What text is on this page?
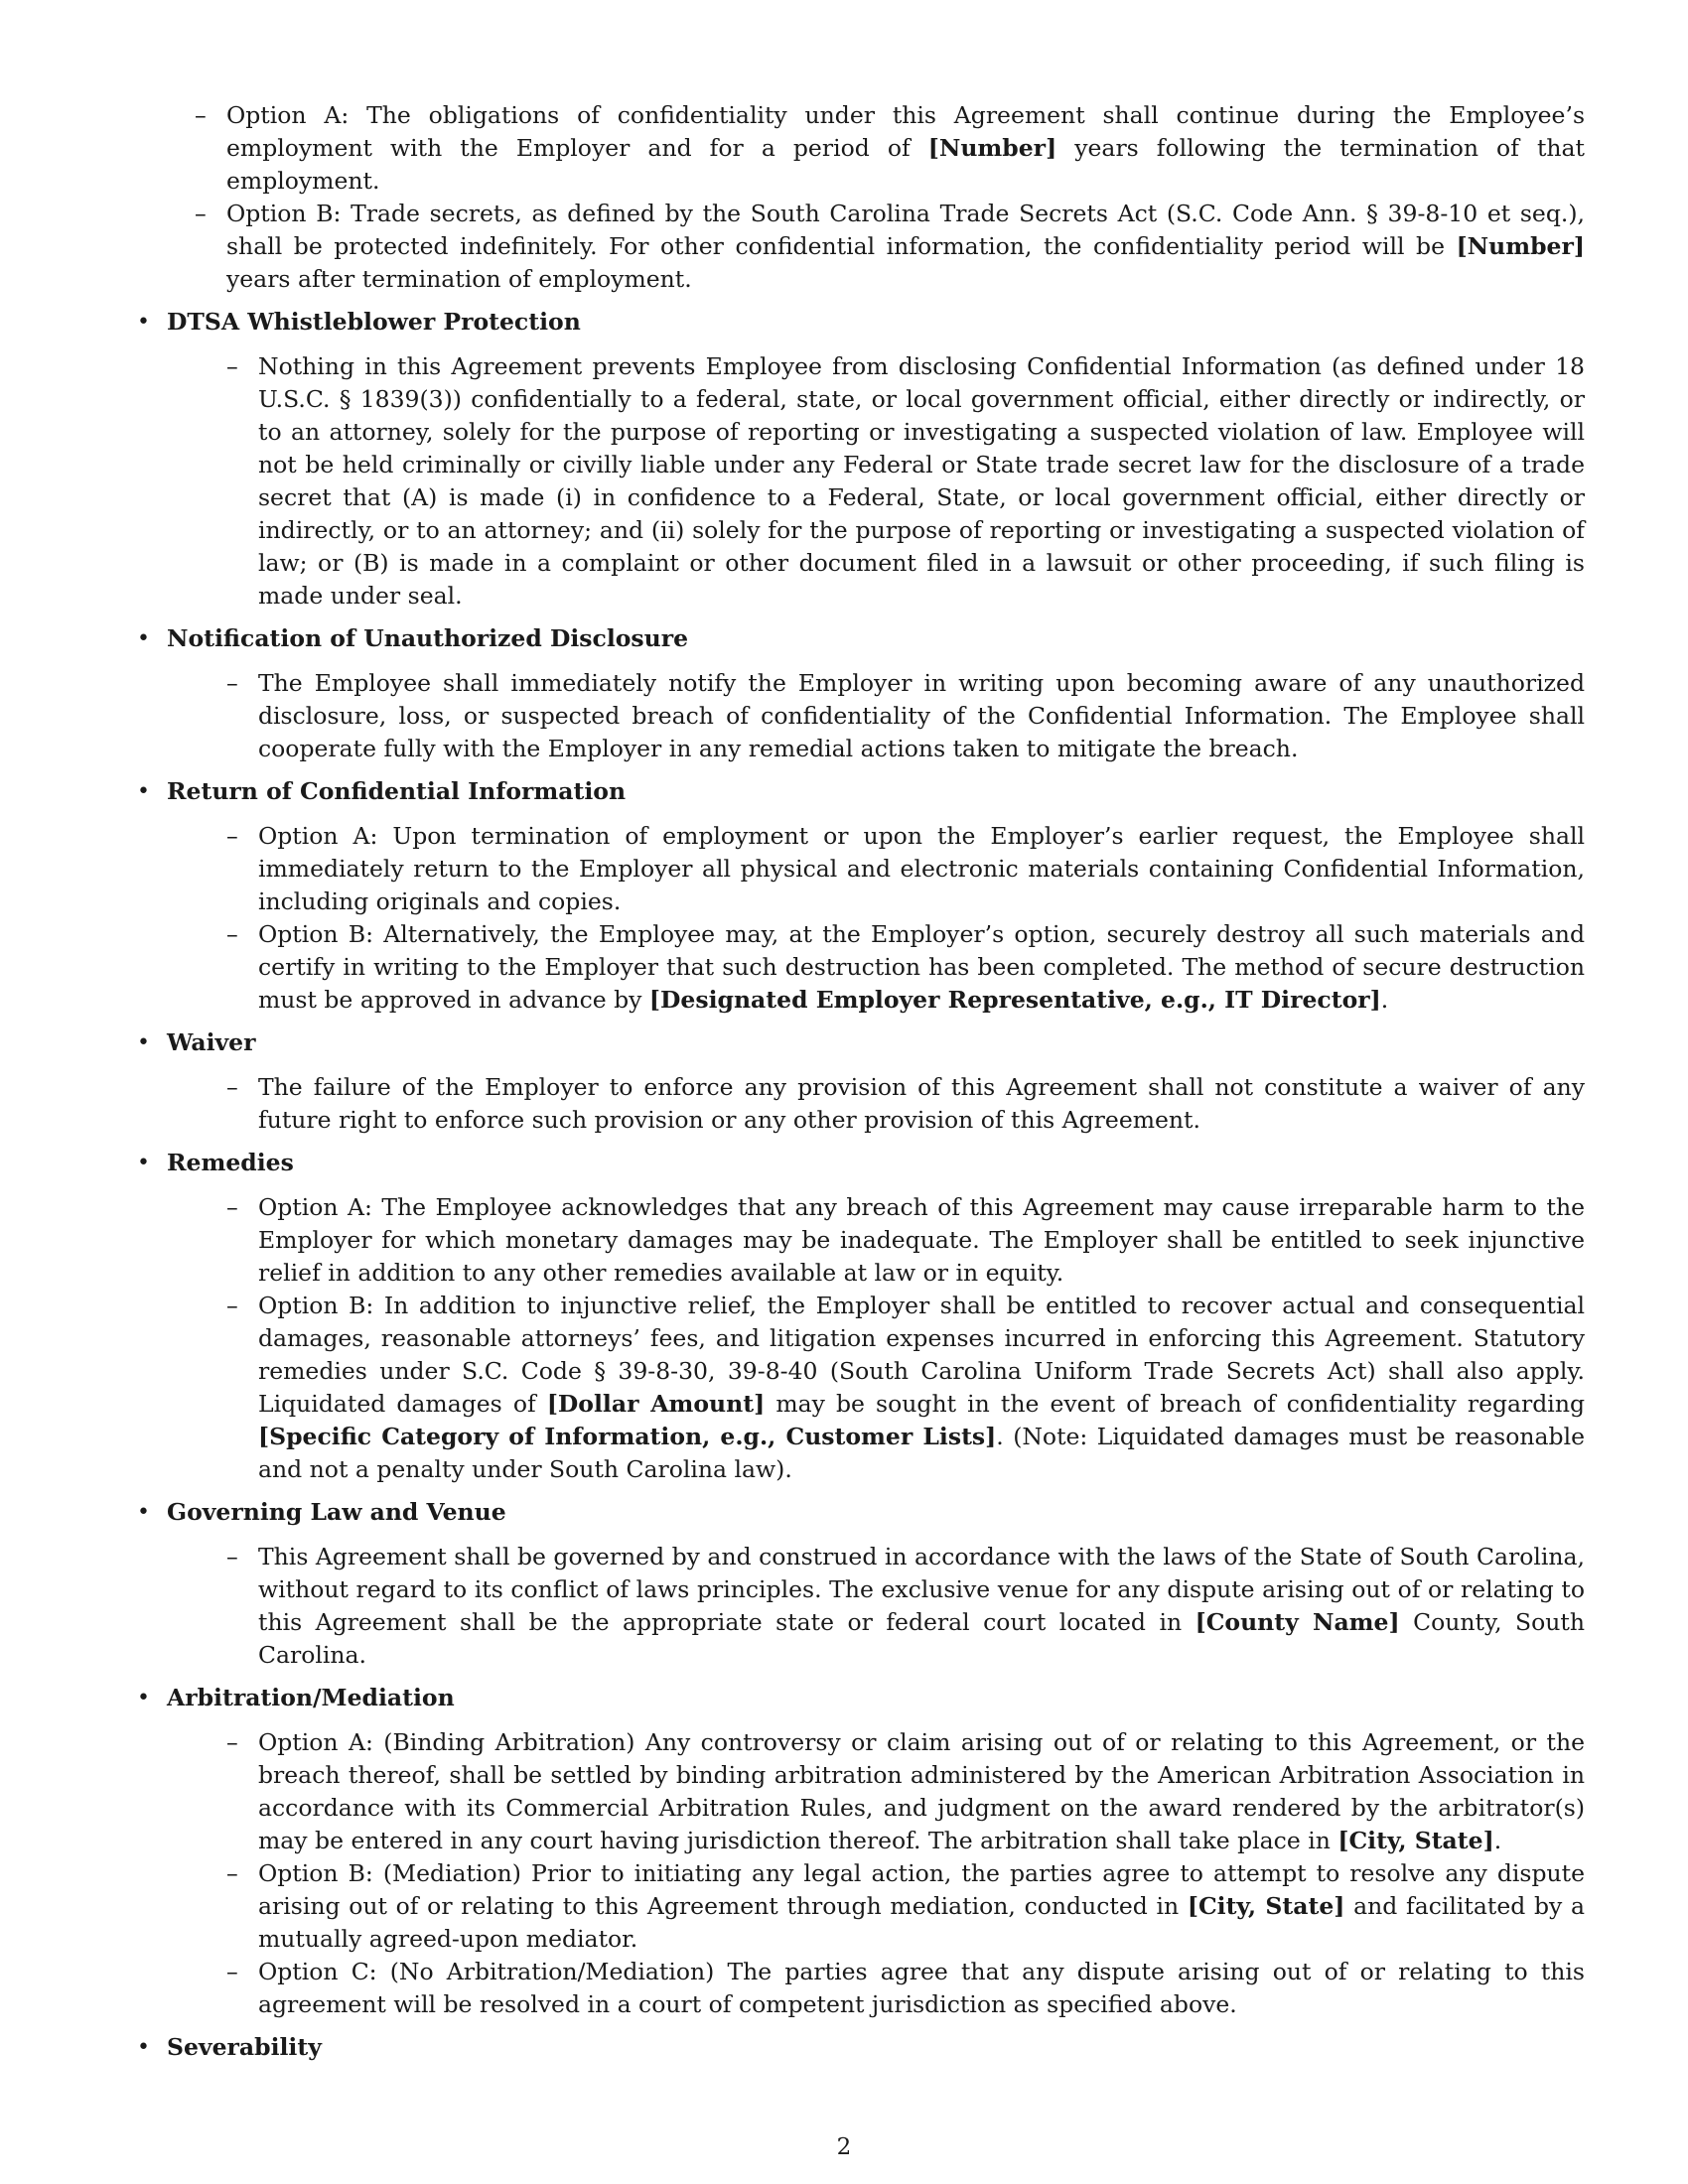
– Option A: The obligations of confidentiality under this Agreement shall continue during the Employee’s employment with the Employer and for a period of [Number] years following the termination of that employment.
– Option B: Trade secrets, as defined by the South Carolina Trade Secrets Act (S.C. Code Ann. § 39-8-10 et seq.), shall be protected indefinitely. For other confidential information, the confidentiality period will be [Number] years after termination of employment.
• DTSA Whistleblower Protection
– Nothing in this Agreement prevents Employee from disclosing Confidential Information (as defined under 18 U.S.C. § 1839(3)) confidentially to a federal, state, or local government official, either directly or indirectly, or to an attorney, solely for the purpose of reporting or investigating a suspected violation of law. Employee will not be held criminally or civilly liable under any Federal or State trade secret law for the disclosure of a trade secret that (A) is made (i) in confidence to a Federal, State, or local government official, either directly or indirectly, or to an attorney; and (ii) solely for the purpose of reporting or investigating a suspected violation of law; or (B) is made in a complaint or other document filed in a lawsuit or other proceeding, if such filing is made under seal.
• Notification of Unauthorized Disclosure
– The Employee shall immediately notify the Employer in writing upon becoming aware of any unauthorized disclosure, loss, or suspected breach of confidentiality of the Confidential Information. The Employee shall cooperate fully with the Employer in any remedial actions taken to mitigate the breach.
• Return of Confidential Information
– Option A: Upon termination of employment or upon the Employer’s earlier request, the Employee shall immediately return to the Employer all physical and electronic materials containing Confidential Information, including originals and copies.
– Option B: Alternatively, the Employee may, at the Employer’s option, securely destroy all such materials and certify in writing to the Employer that such destruction has been completed. The method of secure destruction must be approved in advance by [Designated Employer Representative, e.g., IT Director].
• Waiver
– The failure of the Employer to enforce any provision of this Agreement shall not constitute a waiver of any future right to enforce such provision or any other provision of this Agreement.
• Remedies
– Option A: The Employee acknowledges that any breach of this Agreement may cause irreparable harm to the Employer for which monetary damages may be inadequate. The Employer shall be entitled to seek injunctive relief in addition to any other remedies available at law or in equity.
– Option B: In addition to injunctive relief, the Employer shall be entitled to recover actual and consequential damages, reasonable attorneys’ fees, and litigation expenses incurred in enforcing this Agreement. Statutory remedies under S.C. Code § 39-8-30, 39-8-40 (South Carolina Uniform Trade Secrets Act) shall also apply. Liquidated damages of [Dollar Amount] may be sought in the event of breach of confidentiality regarding [Specific Category of Information, e.g., Customer Lists]. (Note: Liquidated damages must be reasonable and not a penalty under South Carolina law).
• Governing Law and Venue
– This Agreement shall be governed by and construed in accordance with the laws of the State of South Carolina, without regard to its conflict of laws principles. The exclusive venue for any dispute arising out of or relating to this Agreement shall be the appropriate state or federal court located in [County Name] County, South Carolina.
• Arbitration/Mediation
– Option A: (Binding Arbitration) Any controversy or claim arising out of or relating to this Agreement, or the breach thereof, shall be settled by binding arbitration administered by the American Arbitration Association in accordance with its Commercial Arbitration Rules, and judgment on the award rendered by the arbitrator(s) may be entered in any court having jurisdiction thereof. The arbitration shall take place in [City, State].
– Option B: (Mediation) Prior to initiating any legal action, the parties agree to attempt to resolve any dispute arising out of or relating to this Agreement through mediation, conducted in [City, State] and facilitated by a mutually agreed-upon mediator.
– Option C: (No Arbitration/Mediation) The parties agree that any dispute arising out of or relating to this agreement will be resolved in a court of competent jurisdiction as specified above.
• Severability
2
